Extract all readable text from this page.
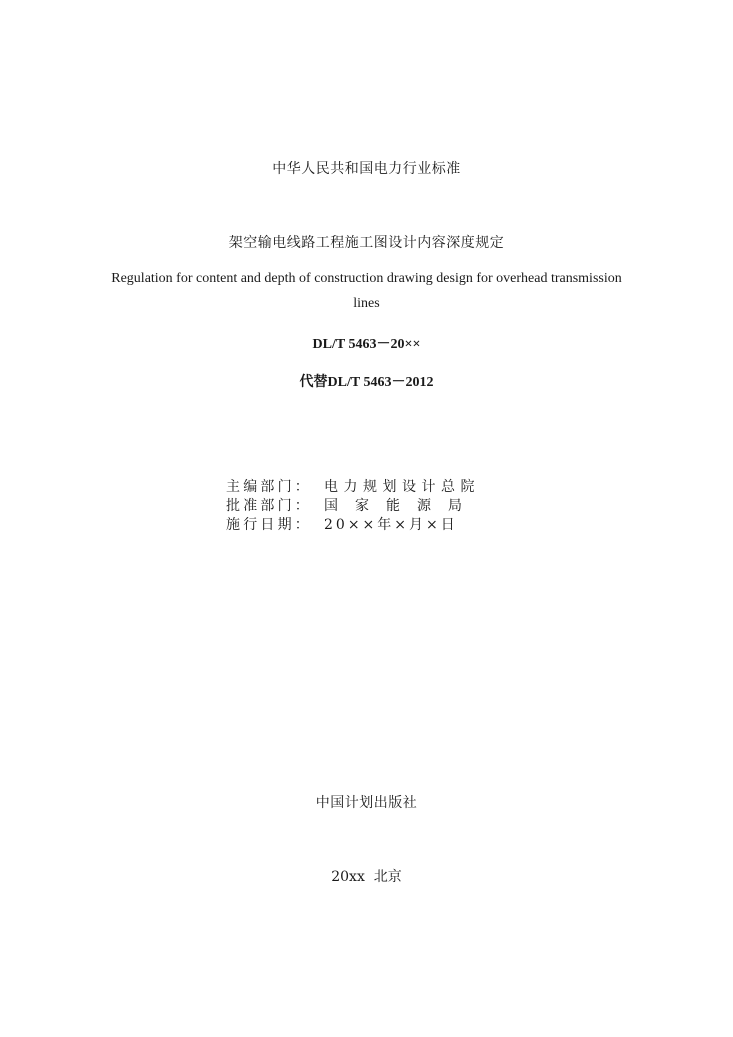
中华人民共和国电力行业标准
架空输电线路工程施工图设计内容深度规定
Regulation for content and depth of construction drawing design for overhead transmission
lines
DL/T 5463－20××
代替DL/T 5463－2012
主编部门： 电力规划设计总院
批准部门： 国家能源局
施行日期： 20××年×月×日
中国计划出版社
20xx  北京
